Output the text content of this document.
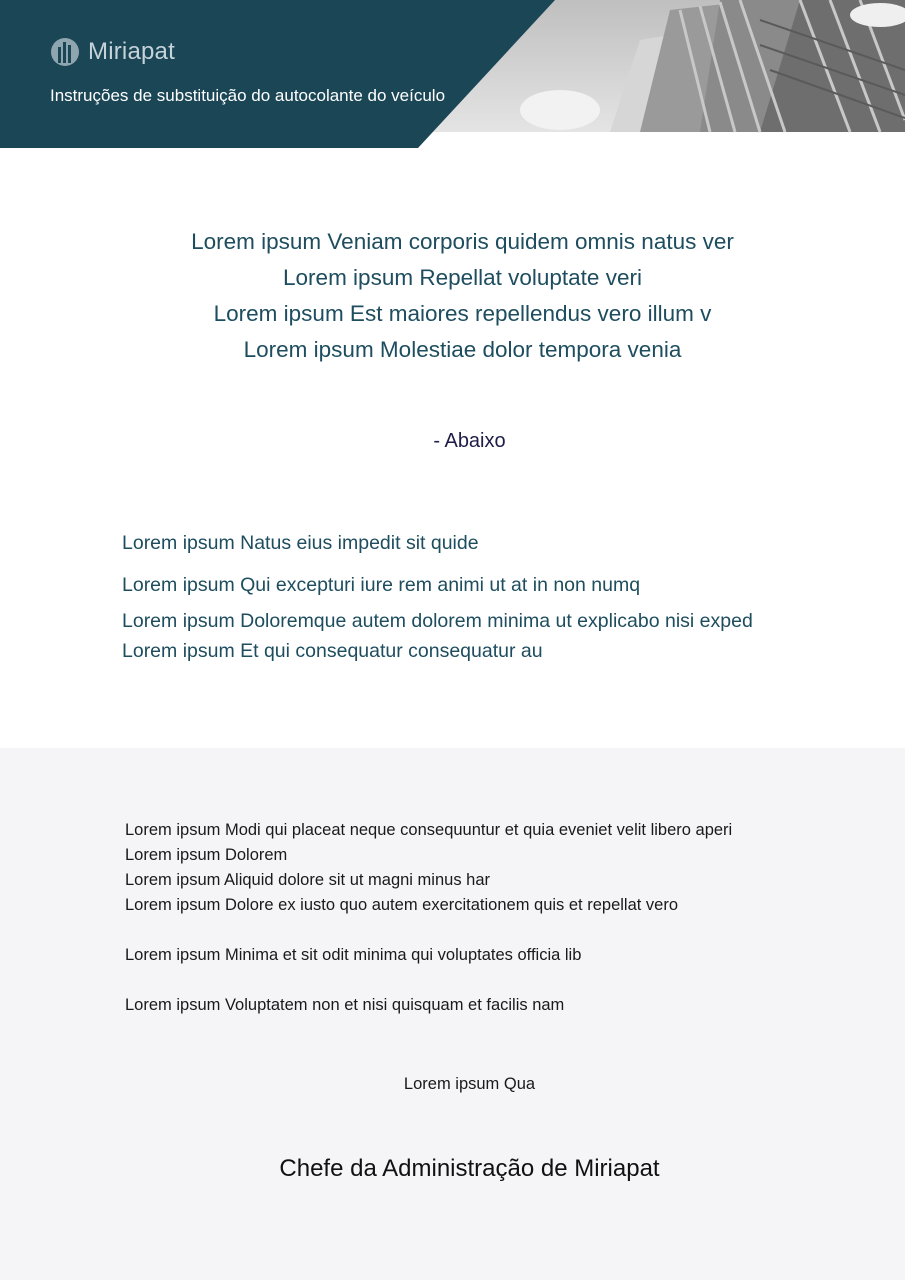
Miriapat
Instruções de substituição do autocolante do veículo
Lorem ipsum Veniam corporis quidem omnis natus ver
Lorem ipsum Repellat voluptate veri
Lorem ipsum Est maiores repellendus vero illum v
Lorem ipsum Molestiae dolor tempora venia
- Abaixo
Lorem ipsum Natus eius impedit sit quide
Lorem ipsum Qui excepturi iure rem animi ut at in non numq
Lorem ipsum Doloremque autem dolorem minima ut explicabo nisi exped
Lorem ipsum Et qui consequatur consequatur au
Lorem ipsum Modi qui placeat neque consequuntur et quia eveniet velit libero aperi
Lorem ipsum Dolorem
Lorem ipsum Aliquid dolore sit ut magni minus har
Lorem ipsum Dolore ex iusto quo autem exercitationem quis et repellat vero
Lorem ipsum Minima et sit odit minima qui voluptates officia lib
Lorem ipsum Voluptatem non et nisi quisquam et facilis nam
Lorem ipsum Qua
Chefe da Administração de Miriapat
